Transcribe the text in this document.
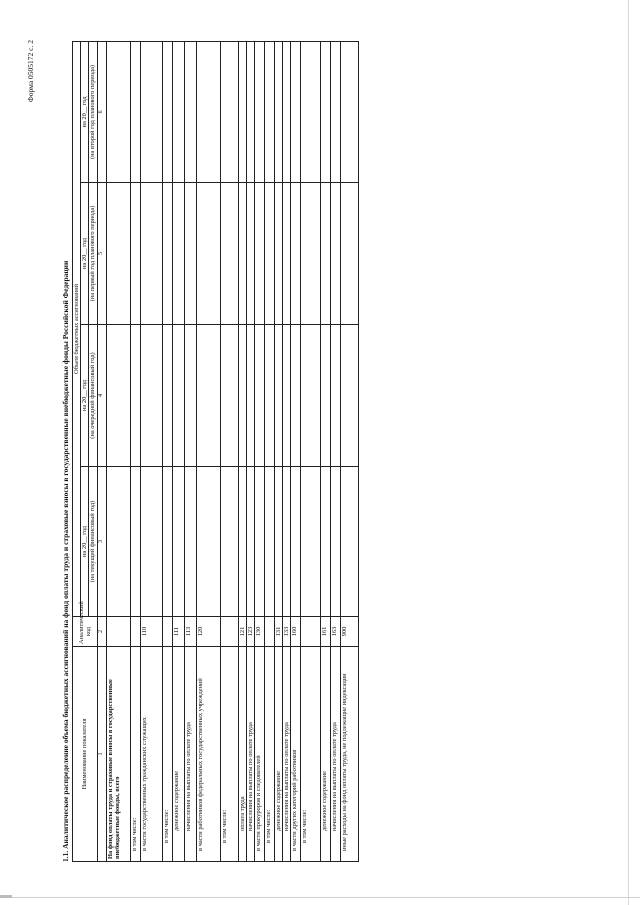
Форма 0505172 с. 2
1.1. Аналитическое распределение объема бюджетных ассигнований на фонд оплаты труда и страховые взносы в государственные внебюджетные фонды Российской Федерации Наименование показателя	Аналитический код	Объем бюджетных ассигнований			
		на 20__ год	на 20__ год	на 20__ год	на 20__ год
		(на текущий финансовый год)	(на очередной финансовый год)	(на первый год планового периода)	(на второй год планового периода)
1	2	3	4	5	6
На фонд оплаты труда и страховые взносы в государственные внебюджетные фонды, всего					
в том числе:					
в части государственных гражданских служащих	110				
в том числе:					
денежное содержание	111				
начисления на выплаты по оплате труда	113				
в части работников федеральных государственных учреждений	120				
в том числе:					
оплата труда	121				
начисления на выплаты по оплате труда	123				
в части прокуроров и следователей	130				
в том числе:					
денежное содержание	131				
начисления на выплаты по оплате труда	133				
в части других категорий работников	160				
в том числе:					
денежное содержание	161				
начисления на выплаты по оплате труда	163				
иные расходы на фонд оплаты труда, не подлежащие индексации	900				
